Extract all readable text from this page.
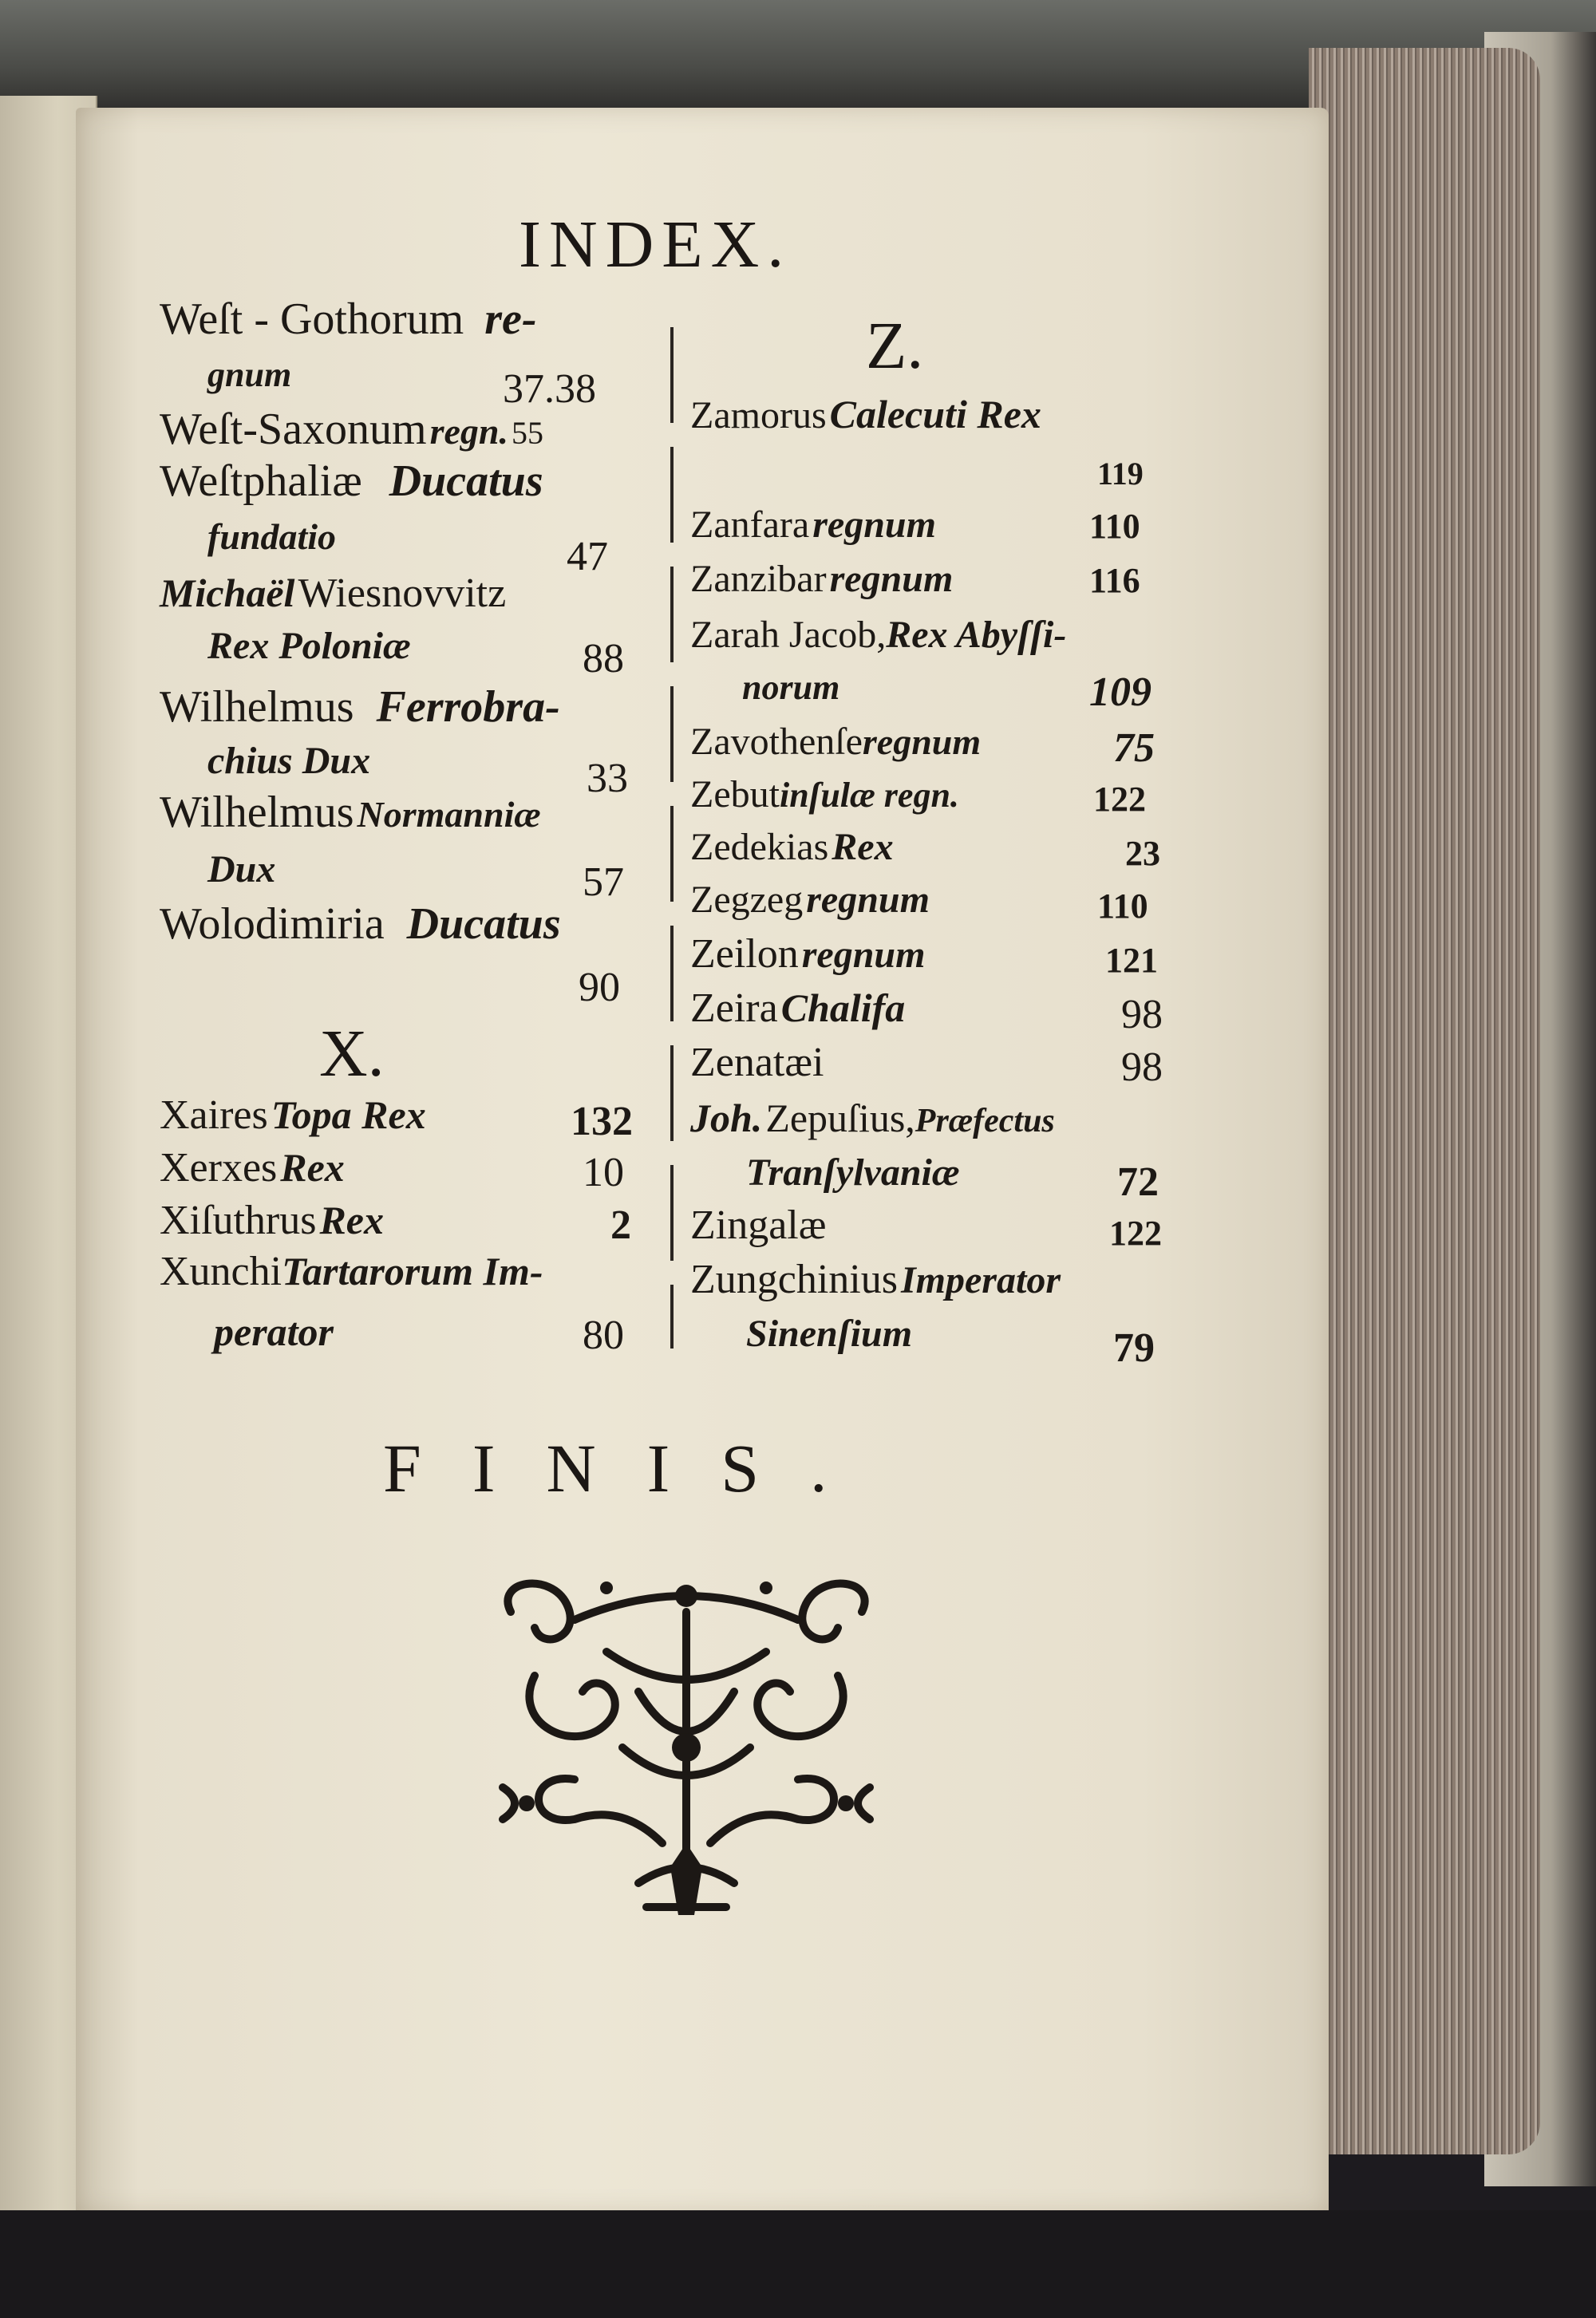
INDEX.
Weſt - Gothorum re-
gnum	37.38
Weſt-Saxonum regn. 55
Weſtphaliæ Ducatus
fundatio	47
Michaël Wiesnovvitz
Rex Poloniæ	88
Wilhelmus Ferrobra-
chius Dux	33
Wilhelmus Normanniæ
Dux	57
Wolodimiria Ducatus
90
X.
Xaires Topa Rex	132
Xerxes Rex	10
Xiſuthrus Rex	2
XunchiTartarorum Im-
perator	80
Z.
Zamorus Calecuti Rex
119
Zanfara regnum	110
Zanzibar regnum	116
Zarah Jacob,Rex Abyſſi-
norum	109
Zavothenſeregnum	75
Zebutinſulæ regn.	122
Zedekias Rex	23
Zegzeg regnum	110
Zeilon regnum	121
Zeira Chalifa	98
Zenatæi	98
Joh. Zepuſius,Præfectus
Tranſylvaniæ	72
Zingalæ	122
Zungchinius Imperator
Sinenſium	79
FINIS.
